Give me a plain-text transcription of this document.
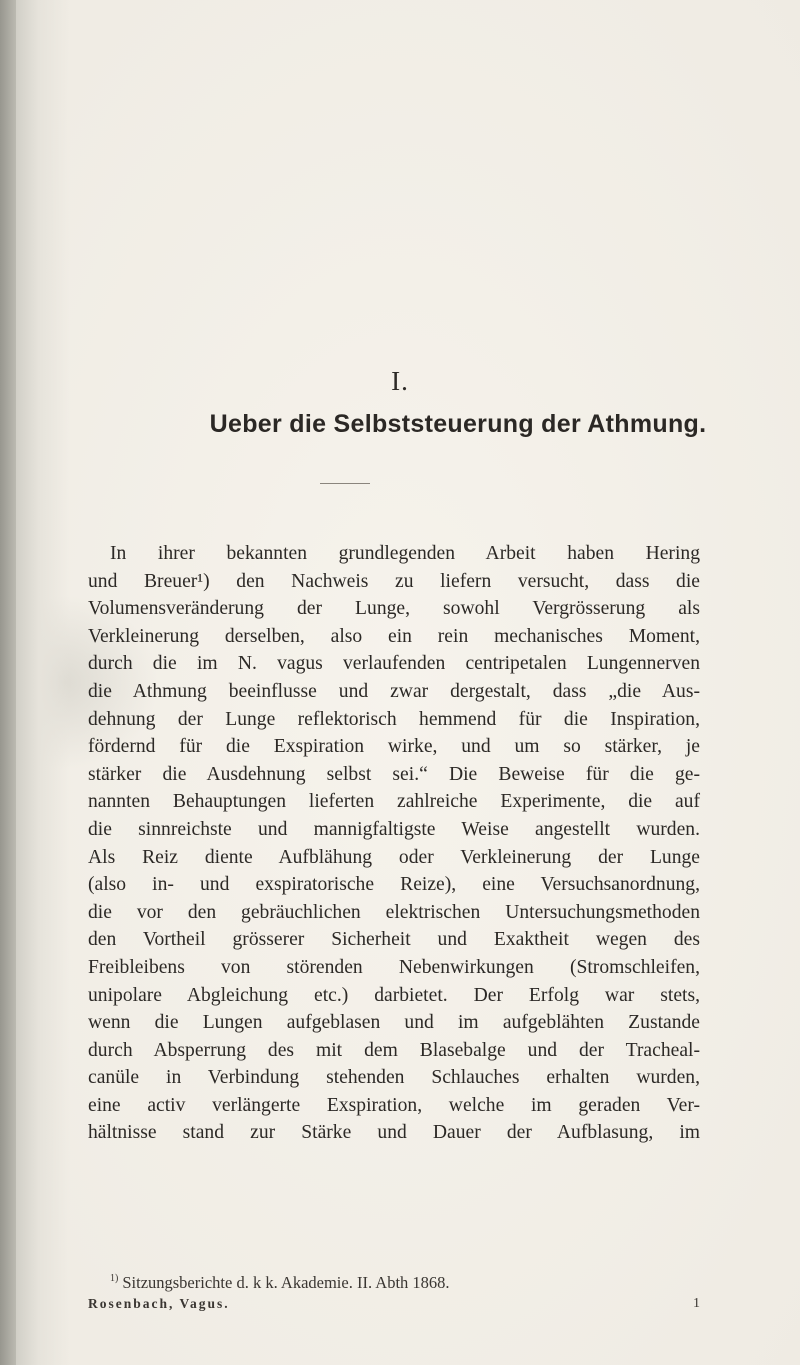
I.
Ueber die Selbststeuerung der Athmung.
In ihrer bekannten grundlegenden Arbeit haben Hering
und Breuer¹) den Nachweis zu liefern versucht, dass die
Volumensveränderung der Lunge, sowohl Vergrösserung als
Verkleinerung derselben, also ein rein mechanisches Moment,
durch die im N. vagus verlaufenden centripetalen Lungennerven
die Athmung beeinflusse und zwar dergestalt, dass „die Aus-
dehnung der Lunge reflektorisch hemmend für die Inspiration,
fördernd für die Exspiration wirke, und um so stärker, je
stärker die Ausdehnung selbst sei.“ Die Beweise für die ge-
nannten Behauptungen lieferten zahlreiche Experimente, die auf
die sinnreichste und mannigfaltigste Weise angestellt wurden.
Als Reiz diente Aufblähung oder Verkleinerung der Lunge
(also in- und exspiratorische Reize), eine Versuchsanordnung,
die vor den gebräuchlichen elektrischen Untersuchungsmethoden
den Vortheil grösserer Sicherheit und Exaktheit wegen des
Freibleibens von störenden Nebenwirkungen (Stromschleifen,
unipolare Abgleichung etc.) darbietet. Der Erfolg war stets,
wenn die Lungen aufgeblasen und im aufgeblähten Zustande
durch Absperrung des mit dem Blasebalge und der Tracheal-
canüle in Verbindung stehenden Schlauches erhalten wurden,
eine activ verlängerte Exspiration, welche im geraden Ver-
hältnisse stand zur Stärke und Dauer der Aufblasung, im
$^{1)}$ Sitzungsberichte d. k k. Akademie. II. Abth 1868.
Rosenbach, Vagus.	1
